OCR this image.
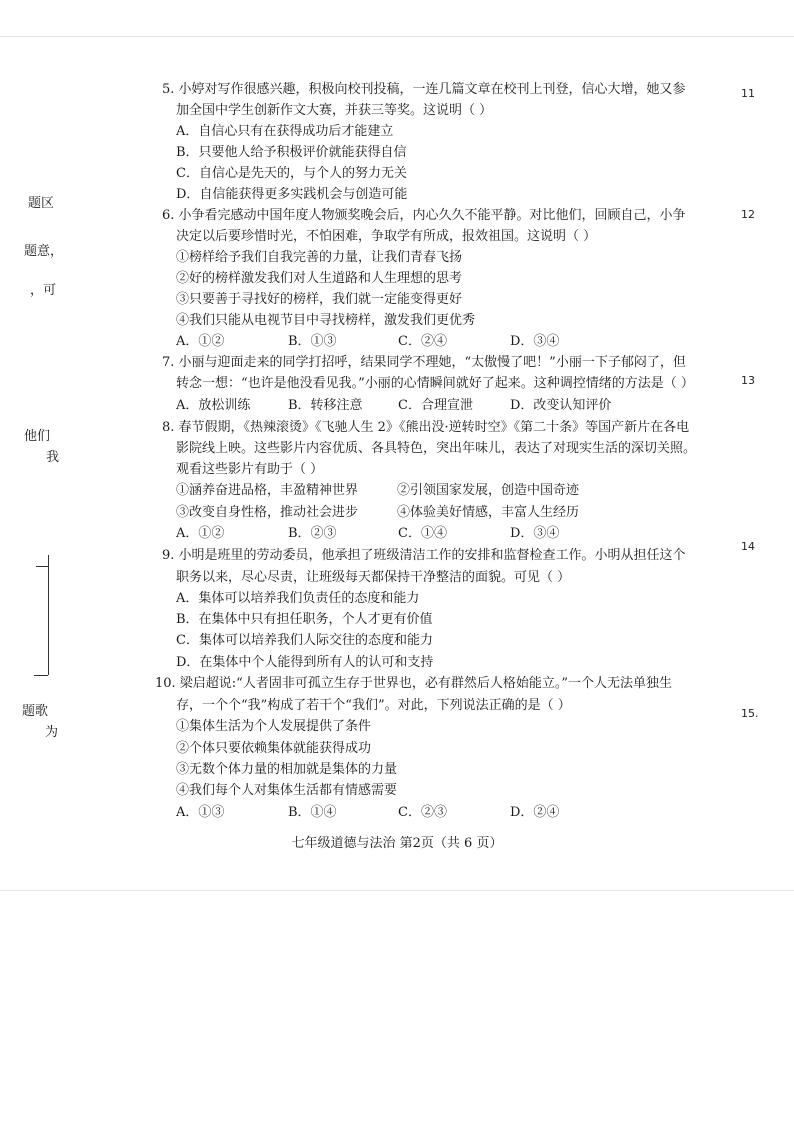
题区
题意，
，可
他们
我
题歌
为
11
12
13
14
15.
5. 小婷对写作很感兴趣，积极向校刊投稿，一连几篇文章在校刊上刊登，信心大增，她又参
加全国中学生创新作文大赛，并获三等奖。这说明（ ）
A．自信心只有在获得成功后才能建立
B．只要他人给予积极评价就能获得自信
C．自信心是先天的，与个人的努力无关
D．自信能获得更多实践机会与创造可能
6. 小争看完感动中国年度人物颁奖晚会后，内心久久不能平静。对比他们，回顾自己，小争
决定以后要珍惜时光，不怕困难，争取学有所成，报效祖国。这说明（ ）
①榜样给予我们自我完善的力量，让我们青春飞扬
②好的榜样激发我们对人生道路和人生理想的思考
③只要善于寻找好的榜样，我们就一定能变得更好
④我们只能从电视节目中寻找榜样，激发我们更优秀
A．①②	B．①③	C．②④	D．③④
7. 小丽与迎面走来的同学打招呼，结果同学不理她，“太傲慢了吧！”小丽一下子郁闷了，但
转念一想：“也许是他没看见我。”小丽的心情瞬间就好了起来。这种调控情绪的方法是（ ）
A．放松训练	B．转移注意	C．合理宣泄	D．改变认知评价
8. 春节假期，《热辣滚烫》《飞驰人生 2》《熊出没·逆转时空》《第二十条》等国产新片在各电
影院线上映。这些影片内容优质、各具特色，突出年味儿，表达了对现实生活的深切关照。
观看这些影片有助于（ ）
①涵养奋进品格，丰盈精神世界	②引领国家发展，创造中国奇迹
③改变自身性格，推动社会进步	④体验美好情感，丰富人生经历
A．①②	B．②③	C．①④	D．③④
9. 小明是班里的劳动委员，他承担了班级清洁工作的安排和监督检查工作。小明从担任这个
职务以来，尽心尽责，让班级每天都保持干净整洁的面貌。可见（ ）
A．集体可以培养我们负责任的态度和能力
B．在集体中只有担任职务，个人才更有价值
C．集体可以培养我们人际交往的态度和能力
D．在集体中个人能得到所有人的认可和支持
10. 梁启超说:“人者固非可孤立生存于世界也，必有群然后人格始能立。”一个人无法单独生
存，一个个“我”构成了若干个“我们”。对此，下列说法正确的是（ ）
①集体生活为个人发展提供了条件
②个体只要依赖集体就能获得成功
③无数个体力量的相加就是集体的力量
④我们每个人对集体生活都有情感需要
A．①③	B．①④	C．②③	D．②④
七年级道德与法治 第2页（共 6 页）
